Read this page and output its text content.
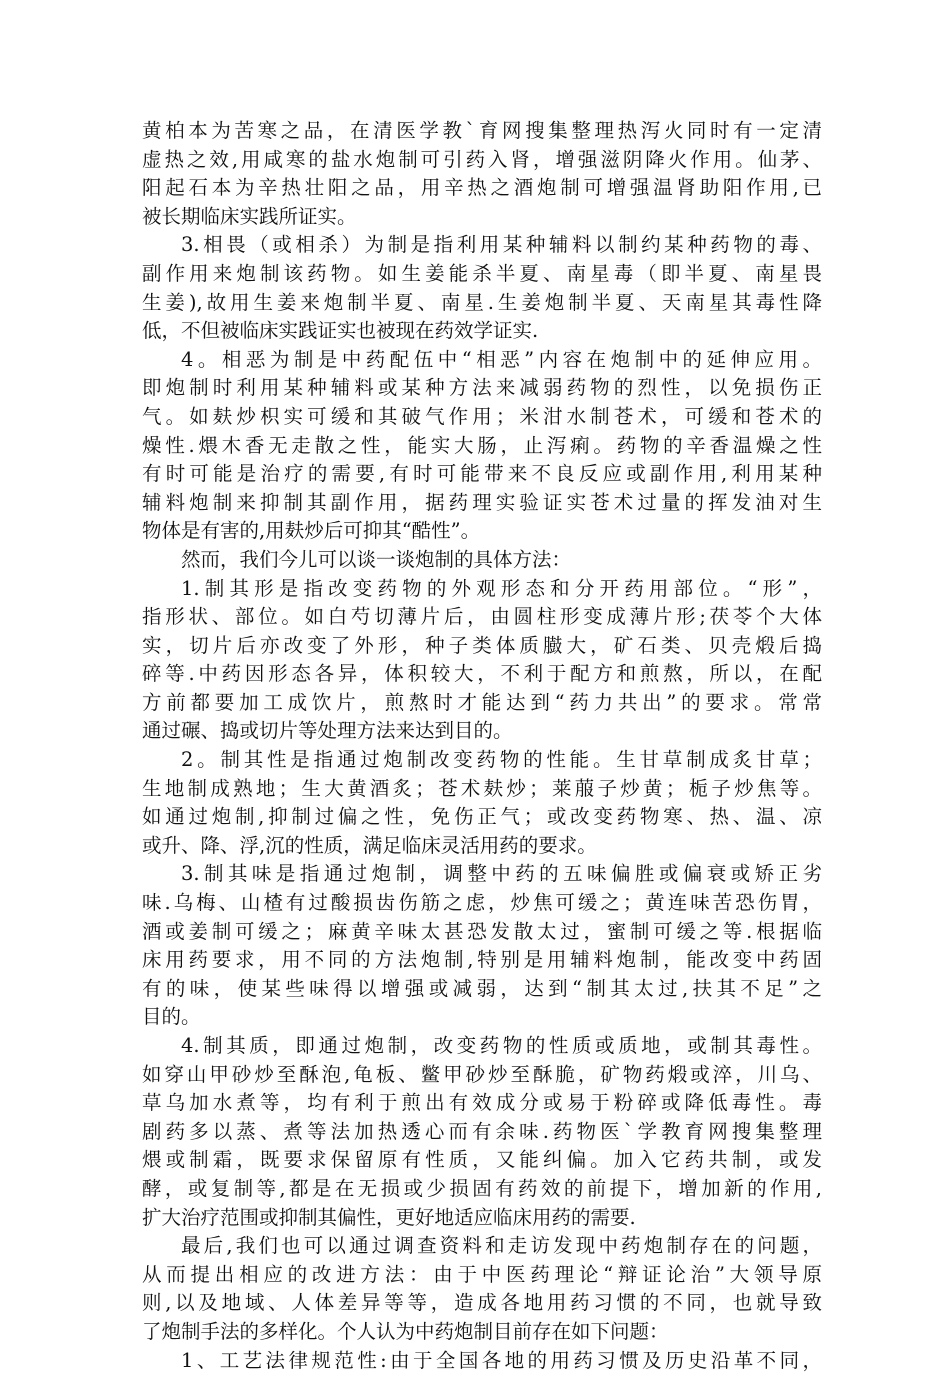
黄柏本为苦寒之品，在清医学教`育网搜集整理热泻火同时有一定清
虚热之效,用咸寒的盐水炮制可引药入肾，增强滋阴降火作用。仙茅、
阳起石本为辛热壮阳之品，用辛热之酒炮制可增强温肾助阳作用,已
被长期临床实践所证实。
3.相畏（或相杀）为制是指利用某种辅料以制约某种药物的毒、
副作用来炮制该药物。如生姜能杀半夏、南星毒（即半夏、南星畏
生姜),故用生姜来炮制半夏、南星.生姜炮制半夏、天南星其毒性降
低，不但被临床实践证实也被现在药效学证实.
4。相恶为制是中药配伍中“相恶”内容在炮制中的延伸应用。
即炮制时利用某种辅料或某种方法来减弱药物的烈性，以免损伤正
气。如麸炒枳实可缓和其破气作用；米泔水制苍术，可缓和苍术的
燥性.煨木香无走散之性，能实大肠，止泻痢。药物的辛香温燥之性
有时可能是治疗的需要,有时可能带来不良反应或副作用,利用某种
辅料炮制来抑制其副作用，据药理实验证实苍术过量的挥发油对生
物体是有害的,用麸炒后可抑其“酷性”。
然而，我们今儿可以谈一谈炮制的具体方法：
1.制其形是指改变药物的外观形态和分开药用部位。“形”，
指形状、部位。如白芍切薄片后，由圆柱形变成薄片形;茯苓个大体
实，切片后亦改变了外形，种子类体质臌大，矿石类、贝壳煅后捣
碎等.中药因形态各异，体积较大，不利于配方和煎熬，所以，在配
方前都要加工成饮片，煎熬时才能达到“药力共出”的要求。常常
通过碾、捣或切片等处理方法来达到目的。
2。制其性是指通过炮制改变药物的性能。生甘草制成炙甘草；
生地制成熟地；生大黄酒炙；苍术麸炒；莱菔子炒黄；栀子炒焦等。
如通过炮制,抑制过偏之性，免伤正气；或改变药物寒、热、温、凉
或升、降、浮,沉的性质，满足临床灵活用药的要求。
3.制其味是指通过炮制，调整中药的五味偏胜或偏衰或矫正劣
味.乌梅、山楂有过酸损齿伤筋之虑，炒焦可缓之；黄连味苦恐伤胃，
酒或姜制可缓之；麻黄辛味太甚恐发散太过，蜜制可缓之等.根据临
床用药要求，用不同的方法炮制,特别是用辅料炮制，能改变中药固
有的味，使某些味得以增强或减弱，达到“制其太过,扶其不足”之
目的。
4.制其质，即通过炮制，改变药物的性质或质地，或制其毒性。
如穿山甲砂炒至酥泡,龟板、鳖甲砂炒至酥脆，矿物药煅或淬，川乌、
草乌加水煮等，均有利于煎出有效成分或易于粉碎或降低毒性。毒
剧药多以蒸、煮等法加热透心而有余味.药物医`学教育网搜集整理
煨或制霜，既要求保留原有性质，又能纠偏。加入它药共制，或发
酵，或复制等,都是在无损或少损固有药效的前提下，增加新的作用,
扩大治疗范围或抑制其偏性，更好地适应临床用药的需要.
最后,我们也可以通过调查资料和走访发现中药炮制存在的问题，
从而提出相应的改进方法：由于中医药理论“辩证论治”大领导原
则,以及地域、人体差异等等，造成各地用药习惯的不同，也就导致
了炮制手法的多样化。个人认为中药炮制目前存在如下问题：
1、工艺法律规范性:由于全国各地的用药习惯及历史沿革不同，
